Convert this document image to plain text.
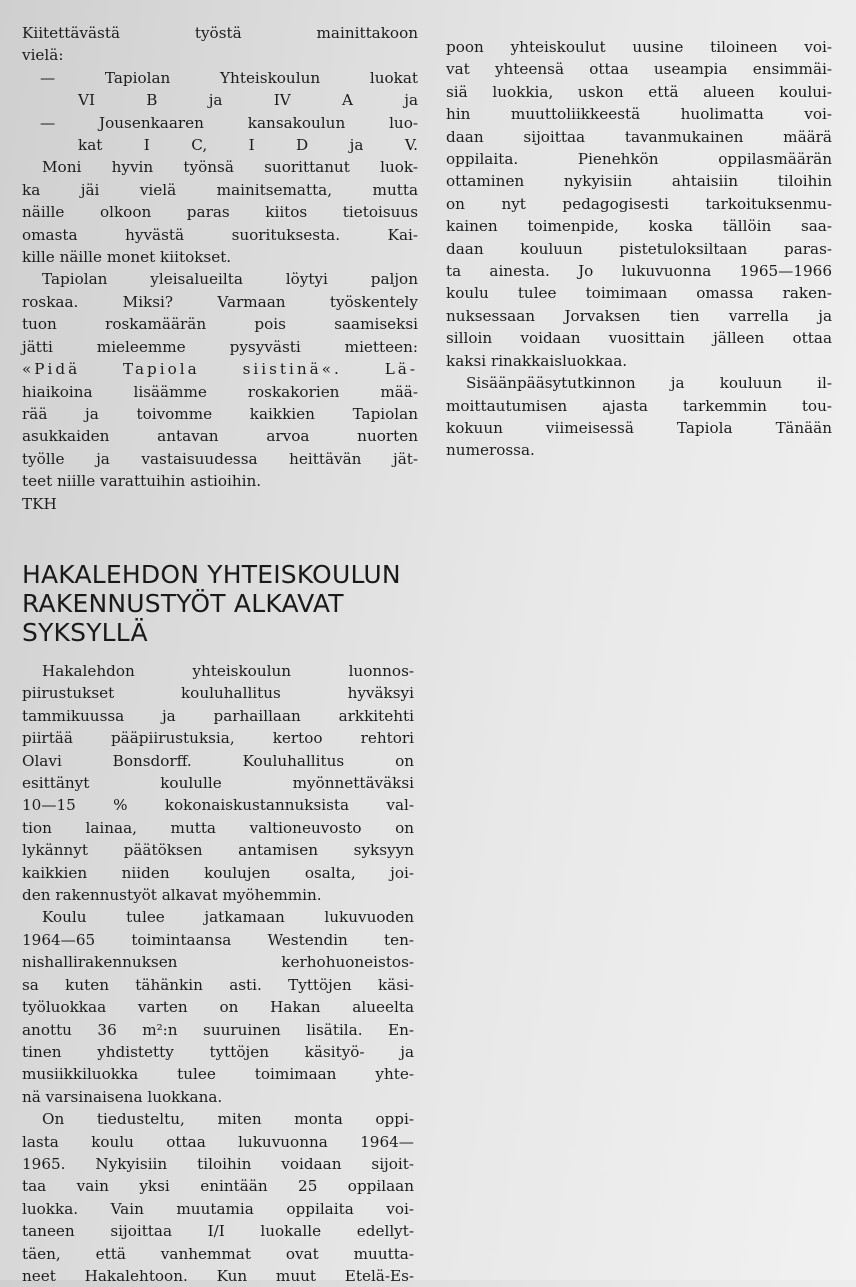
Kiitettävästä työstä mainittakoon
vielä:
— Tapiolan Yhteiskoulun luokat
VI B ja IV A ja
— Jousenkaaren kansakoulun luo-
kat I C, I D ja V.
Moni hyvin työnsä suorittanut luok-
ka jäi vielä mainitsematta, mutta
näille olkoon paras kiitos tietoisuus
omasta hyvästä suorituksesta. Kai-
kille näille monet kiitokset.
Tapiolan yleisalueilta löytyi paljon
roskaa. Miksi? Varmaan työskentely
tuon roskamäärän pois saamiseksi
jätti mieleemme pysyvästi mietteen:
«Pidä Tapiola siistinä«. Lä-
hiaikoina lisäämme roskakorien mää-
rää ja toivomme kaikkien Tapiolan
asukkaiden antavan arvoa nuorten
työlle ja vastaisuudessa heittävän jät-
teet niille varattuihin astioihin.
TKH
HAKALEHDON YHTEISKOULUN
RAKENNUSTYÖT ALKAVAT
SYKSYLLÄ
Hakalehdon yhteiskoulun luonnos-
piirustukset kouluhallitus hyväksyi
tammikuussa ja parhaillaan arkkitehti
piirtää pääpiirustuksia, kertoo rehtori
Olavi Bonsdorff. Kouluhallitus on
esittänyt koululle myönnettäväksi
10—15 % kokonaiskustannuksista val-
tion lainaa, mutta valtioneuvosto on
lykännyt päätöksen antamisen syksyyn
kaikkien niiden koulujen osalta, joi-
den rakennustyöt alkavat myöhemmin.
Koulu tulee jatkamaan lukuvuoden
1964—65 toimintaansa Westendin ten-
nishallirakennuksen kerhohuoneistos-
sa kuten tähänkin asti. Tyttöjen käsi-
työluokkaa varten on Hakan alueelta
anottu 36 m²:n suuruinen lisätila. En-
tinen yhdistetty tyttöjen käsityö- ja
musiikkiluokka tulee toimimaan yhte-
nä varsinaisena luokkana.
On tiedusteltu, miten monta oppi-
lasta koulu ottaa lukuvuonna 1964—
1965. Nykyisiin tiloihin voidaan sijoit-
taa vain yksi enintään 25 oppilaan
luokka. Vain muutamia oppilaita voi-
taneen sijoittaa I/I luokalle edellyt-
täen, että vanhemmat ovat muutta-
neet Hakalehtoon. Kun muut Etelä-Es-
poon yhteiskoulut uusine tiloineen voi-
vat yhteensä ottaa useampia ensimmäi-
siä luokkia, uskon että alueen koului-
hin muuttoliikkeestä huolimatta voi-
daan sijoittaa tavanmukainen määrä
oppilaita. Pienehkön oppilasmäärän
ottaminen nykyisiin ahtaisiin tiloihin
on nyt pedagogisesti tarkoituksenmu-
kainen toimenpide, koska tällöin saa-
daan kouluun pistetuloksiltaan paras-
ta ainesta. Jo lukuvuonna 1965—1966
koulu tulee toimimaan omassa raken-
nuksessaan Jorvaksen tien varrella ja
silloin voidaan vuosittain jälleen ottaa
kaksi rinakkaisluokkaa.
Sisäänpääsytutkinnon ja kouluun il-
moittautumisen ajasta tarkemmin tou-
kokuun viimeisessä Tapiola Tänään
numerossa.
